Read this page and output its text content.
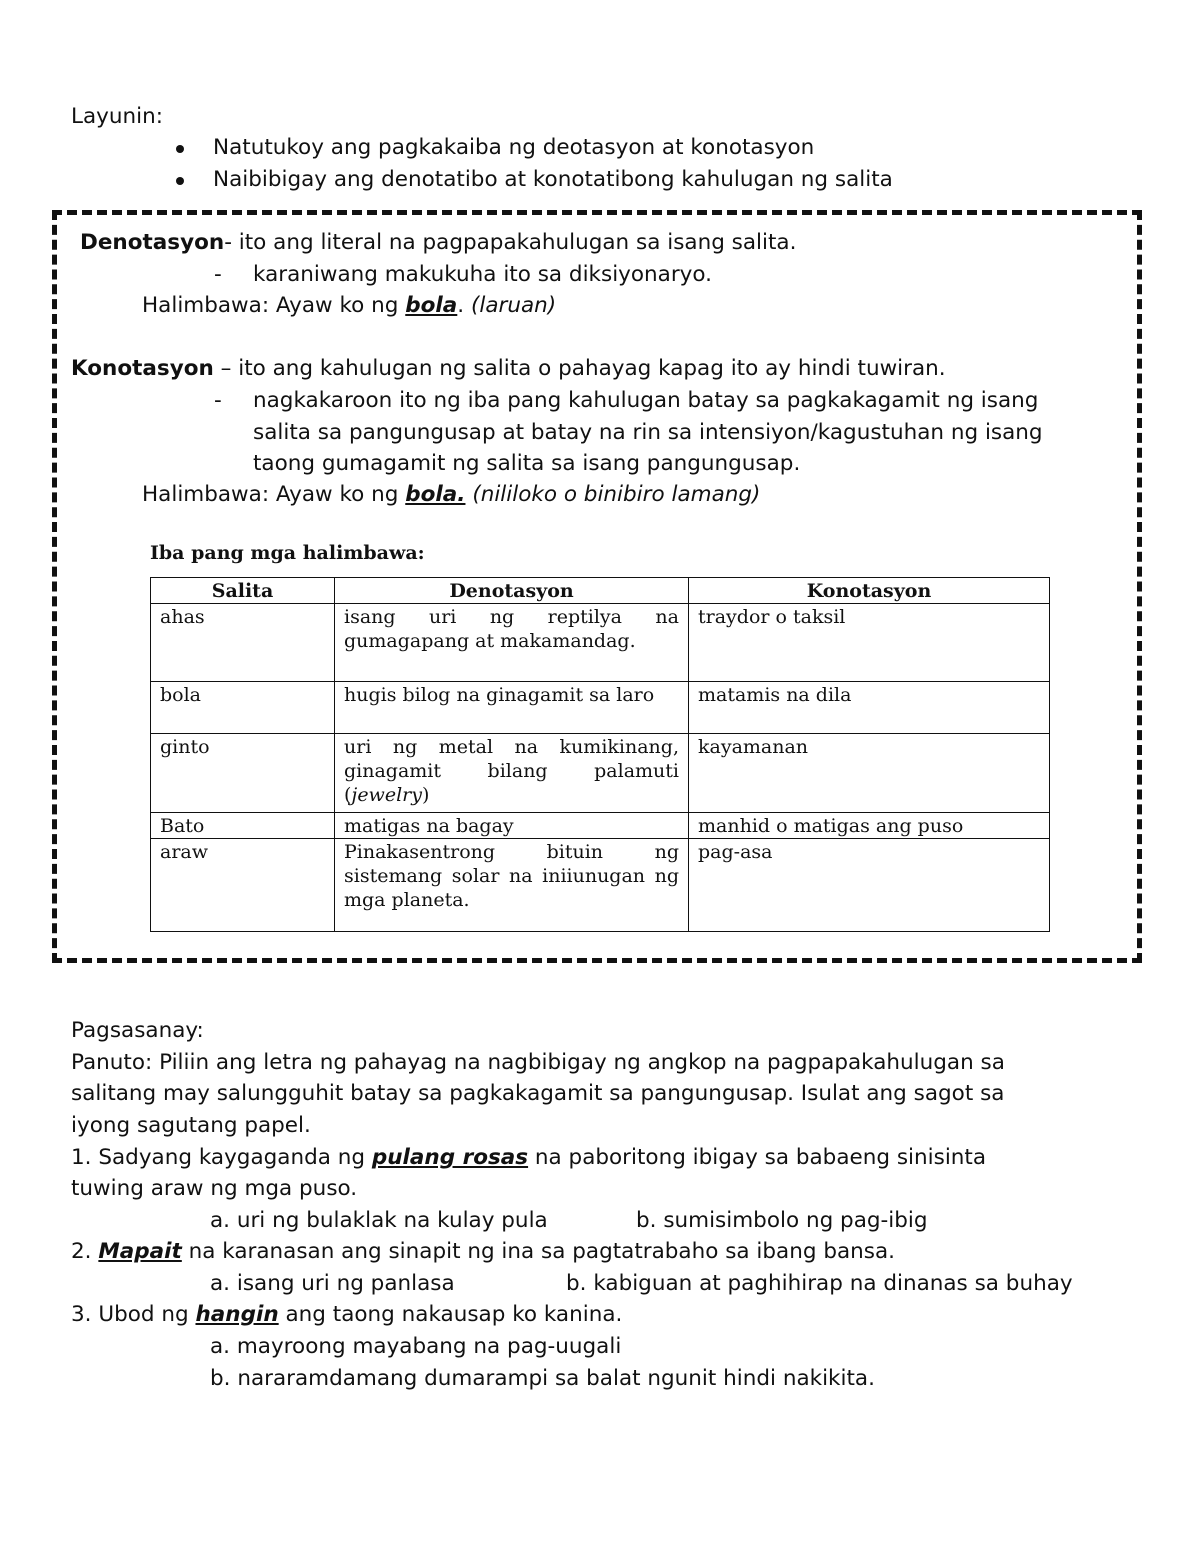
Layunin:
Natutukoy ang pagkakaiba ng deotasyon at konotasyon
Naibibigay ang denotatibo at konotatibong kahulugan ng salita
Denotasyon- ito ang literal na pagpapakahulugan sa isang salita.
- karaniwang makukuha ito sa diksiyonaryo.
Halimbawa: Ayaw ko ng bola. (laruan)
Konotasyon – ito ang kahulugan ng salita o pahayag kapag ito ay hindi tuwiran.
- nagkakaroon ito ng iba pang kahulugan batay sa pagkakagamit ng isang
salita sa pangungusap at batay na rin sa intensiyon/kagustuhan ng isang
taong gumagamit ng salita sa isang pangungusap.
Halimbawa: Ayaw ko ng bola. (nililoko o binibiro lamang)
Iba pang mga halimbawa:
Salita	Denotasyon	Konotasyon
ahas	isang uri ng reptilya na gumagapang at makamandag.	traydor o taksil
bola	hugis bilog na ginagamit sa laro	matamis na dila
ginto	uri ng metal na kumikinang, ginagamit bilang palamuti (jewelry)	kayamanan
Bato	matigas na bagay	manhid o matigas ang puso
araw	Pinakasentrong bituin ng sistemang solar na iniiunugan ng mga planeta.	pag-asa
Pagsasanay:
Panuto: Piliin ang letra ng pahayag na nagbibigay ng angkop na pagpapakahulugan sa
salitang may salungguhit batay sa pagkakagamit sa pangungusap. Isulat ang sagot sa
iyong sagutang papel.
1. Sadyang kaygaganda ng pulang rosas na paboritong ibigay sa babaeng sinisinta
tuwing araw ng mga puso.
a. uri ng bulaklak na kulay pula	b. sumisimbolo ng pag-ibig
2. Mapait na karanasan ang sinapit ng ina sa pagtatrabaho sa ibang bansa.
a. isang uri ng panlasa	b. kabiguan at paghihirap na dinanas sa buhay
3. Ubod ng hangin ang taong nakausap ko kanina.
a. mayroong mayabang na pag-uugali
b. nararamdamang dumarampi sa balat ngunit hindi nakikita.
